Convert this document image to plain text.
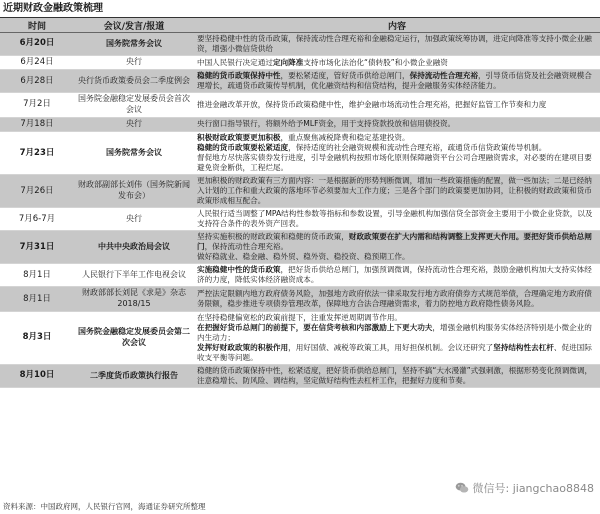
近期财政金融政策梳理
时间	会议/发言/报道	内容
6月20日	国务院常务会议	要坚持稳健中性的货币政策，保持流动性合理充裕和金融稳定运行，加强政策统筹协调，进定向降准等支持小微企业融资，增强小微信贷供给
6月24日	央行	中国人民银行决定通过定向降准支持市场化法治化“债转股”和小微企业融资
6月28日	央行货币政策委员会二季度例会	稳健的货币政策保持中性，要松紧适度，管好货币供给总闸门，保持流动性合理充裕，引导货币信贷及社会融资规模合理增长，疏通货币政策传导机制，优化融资结构和信贷结构，提升金融服务实体经济能力。
7月2日	国务院金融稳定发展委员会首次会议	推进金融改革开放，保持货币政策稳健中性，维护金融市场流动性合理充裕，把握好监管工作节奏和力度
7月18日	央行	央行窗口指导银行，将额外给予MLF资金，用于支持贷款投放和信用债投资。
7月23日	国务院常务会议	积极财政政策要更加积极，重点聚焦减税降费和稳定基建投资。
稳健的货币政策要松紧适度，保持适度的社会融资规模和流动性合理充裕，疏通货币信贷政策传导机制。
督促地方尽快落实债券发行进度，引导金融机构按照市场化原则保障融资平台公司合理融资需求，对必要的在建项目要避免资金断供，工程烂尾。
7月26日	财政部副部长刘伟（国务院新闻发布会）	更加积极的财政政策有三方面内容：一是根据新的形势判断微调，增加一些政策措施的配置，做一些加法；二是已经纳入计划的工作和重大政策的落地环节必须要加大工作力度；三是各个部门的政策要更加协同，让积极的财政政策和货币政策形成相互配合。
7月6-7月	央行	人民银行适当调整了MPA结构性参数等指标和参数设置，引导金融机构加强信贷全部资金主要用于小微企业贷款，以及支持符合条件的表外资产回表。
7月31日	中共中央政治局会议	坚持实施积极的财政政策和稳健的货币政策，财政政策要在扩大内需和结构调整上发挥更大作用。要把好货币供给总闸门，保持流动性合理充裕。
做好稳就业、稳金融、稳外贸、稳外资、稳投资、稳预期工作。
8月1日	人民银行下半年工作电视会议	实施稳健中性的货币政策，把好货币供给总闸门，加强预调微调，保持流动性合理充裕，鼓励金融机构加大支持实体经济的力度，降低实体经济融资成本。
8月1日	财政部部长刘昆《求是》杂志2018/15	严控法定限额内地方政府债务风险，加强地方政府依法一律采取发行地方政府债券方式规范举债，合理确定地方政府债务限额，稳步推进专项债券管理改革，保障地方合法合理融资需求，着力防控地方政府隐性债务风险。
8月3日	国务院金融稳定发展委员会第二次会议	在坚持稳健偏宽松的政策前提下，注重发挥逆周期调节作用。
在把握好货币总闸门的前提下，要在信贷考核和内部激励上下更大功夫，增强金融机构服务实体经济特别是小微企业的内生动力；
发挥好财政政策的积极作用，用好国债、减税等政策工具，用好担保机制。会议还研究了坚持结构性去杠杆、促进国际收支平衡等问题。
8月10日	二季度货币政策执行报告	稳健的货币政策保持中性，松紧适度，把好货币供给总闸门，坚持不搞“大水漫灌”式强刺激，根据形势变化预调微调，注意稳增长、防风险、调结构，坚定做好结构性去杠杆工作，把握好力度和节奏。
微信号: jiangchao8848
资料来源：中国政府网，人民银行官网，海通证券研究所整理
